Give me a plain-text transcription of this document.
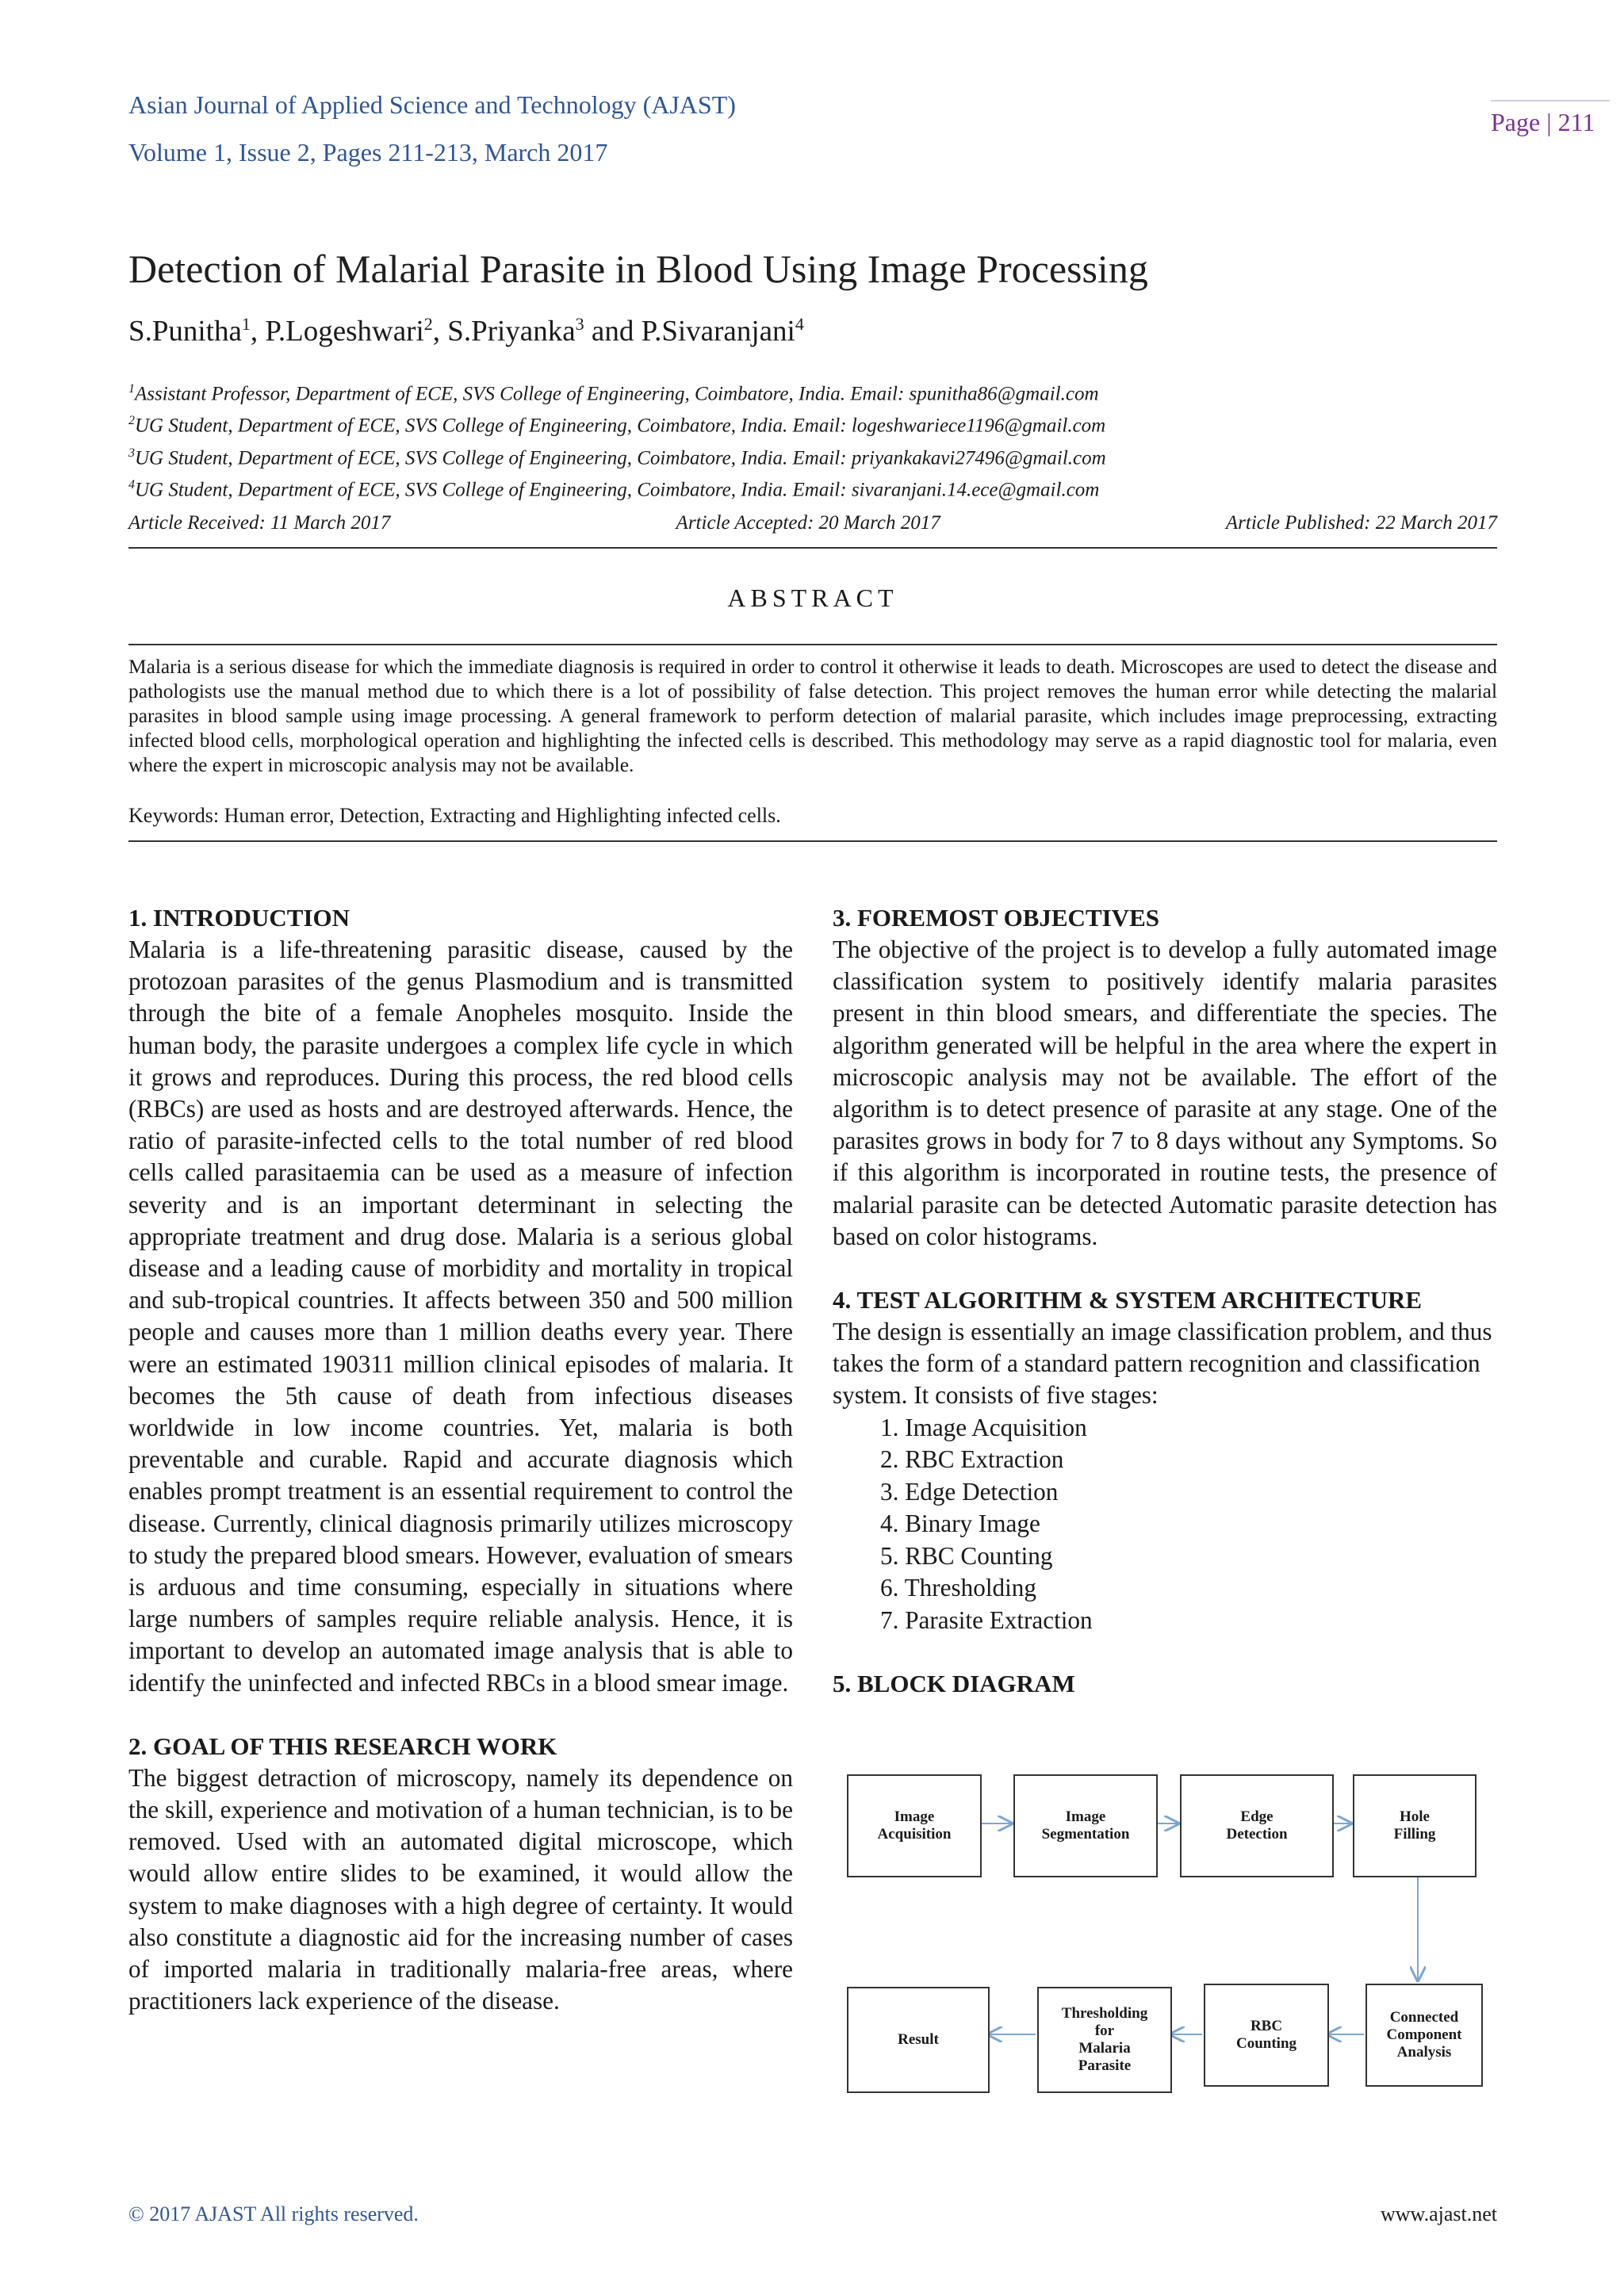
Asian Journal of Applied Science and Technology (AJAST)
Volume 1, Issue 2, Pages 211-213, March 2017
Page | 211
Detection of Malarial Parasite in Blood Using Image Processing
S.Punitha$^1$, P.Logeshwari$^2$, S.Priyanka$^3$ and P.Sivaranjani$^4$
$^1$Assistant Professor, Department of ECE, SVS College of Engineering, Coimbatore, India. Email: spunitha86@gmail.com
$^2$UG Student, Department of ECE, SVS College of Engineering, Coimbatore, India. Email: logeshwariece1196@gmail.com
$^3$UG Student, Department of ECE, SVS College of Engineering, Coimbatore, India. Email: priyankakavi27496@gmail.com
$^4$UG Student, Department of ECE, SVS College of Engineering, Coimbatore, India. Email: sivaranjani.14.ece@gmail.com
Article Received: 11 March 2017	Article Accepted: 20 March 2017	Article Published: 22 March 2017
ABSTRACT
Malaria is a serious disease for which the immediate diagnosis is required in order to control it otherwise it leads to death. Microscopes are used to detect the disease and pathologists use the manual method due to which there is a lot of possibility of false detection. This project removes the human error while detecting the malarial parasites in blood sample using image processing. A general framework to perform detection of malarial parasite, which includes image preprocessing, extracting infected blood cells, morphological operation and highlighting the infected cells is described. This methodology may serve as a rapid diagnostic tool for malaria, even where the expert in microscopic analysis may not be available.
Keywords: Human error, Detection, Extracting and Highlighting infected cells.
1. INTRODUCTION

Malaria is a life-threatening parasitic disease, caused by the protozoan parasites of the genus Plasmodium and is transmitted through the bite of a female Anopheles mosquito. Inside the human body, the parasite undergoes a complex life cycle in which it grows and reproduces. During this process, the red blood cells (RBCs) are used as hosts and are destroyed afterwards. Hence, the ratio of parasite-infected cells to the total number of red blood cells called parasitaemia can be used as a measure of infection severity and is an important determinant in selecting the appropriate treatment and drug dose. Malaria is a serious global disease and a leading cause of morbidity and mortality in tropical and sub-tropical countries. It affects between 350 and 500 million people and causes more than 1 million deaths every year. There were an estimated 190311 million clinical episodes of malaria. It becomes the 5th cause of death from infectious diseases worldwide in low income countries. Yet, malaria is both preventable and curable. Rapid and accurate diagnosis which enables prompt treatment is an essential requirement to control the disease. Currently, clinical diagnosis primarily utilizes microscopy to study the prepared blood smears. However, evaluation of smears is arduous and time consuming, especially in situations where large numbers of samples require reliable analysis. Hence, it is important to develop an automated image analysis that is able to identify the uninfected and infected RBCs in a blood smear image.

2. GOAL OF THIS RESEARCH WORK

The biggest detraction of microscopy, namely its dependence on the skill, experience and motivation of a human technician, is to be removed. Used with an automated digital microscope, which would allow entire slides to be examined, it would allow the system to make diagnoses with a high degree of certainty. It would also constitute a diagnostic aid for the increasing number of cases of imported malaria in traditionally malaria-free areas, where practitioners lack experience of the disease.

3. FOREMOST OBJECTIVES

The objective of the project is to develop a fully automated image classification system to positively identify malaria parasites present in thin blood smears, and differentiate the species. The algorithm generated will be helpful in the area where the expert in microscopic analysis may not be available. The effort of the algorithm is to detect presence of parasite at any stage. One of the parasites grows in body for 7 to 8 days without any Symptoms. So if this algorithm is incorporated in routine tests, the presence of malarial parasite can be detected Automatic parasite detection has based on color histograms.

4. TEST ALGORITHM & SYSTEM ARCHITECTURE

The design is essentially an image classification problem, and thus takes the form of a standard pattern recognition and classification system. It consists of five stages:

1. Image Acquisition
2. RBC Extraction
3. Edge Detection
4. Binary Image
5. RBC Counting
6. Thresholding
7. Parasite Extraction
5. BLOCK DIAGRAM
Image
Acquisition
Image
Segmentation
Edge
Detection
Hole
Filling
Connected
Component
Analysis
RBC
Counting
Thresholding
for
Malaria
Parasite
Result
© 2017 AJAST All rights reserved.	www.ajast.net
